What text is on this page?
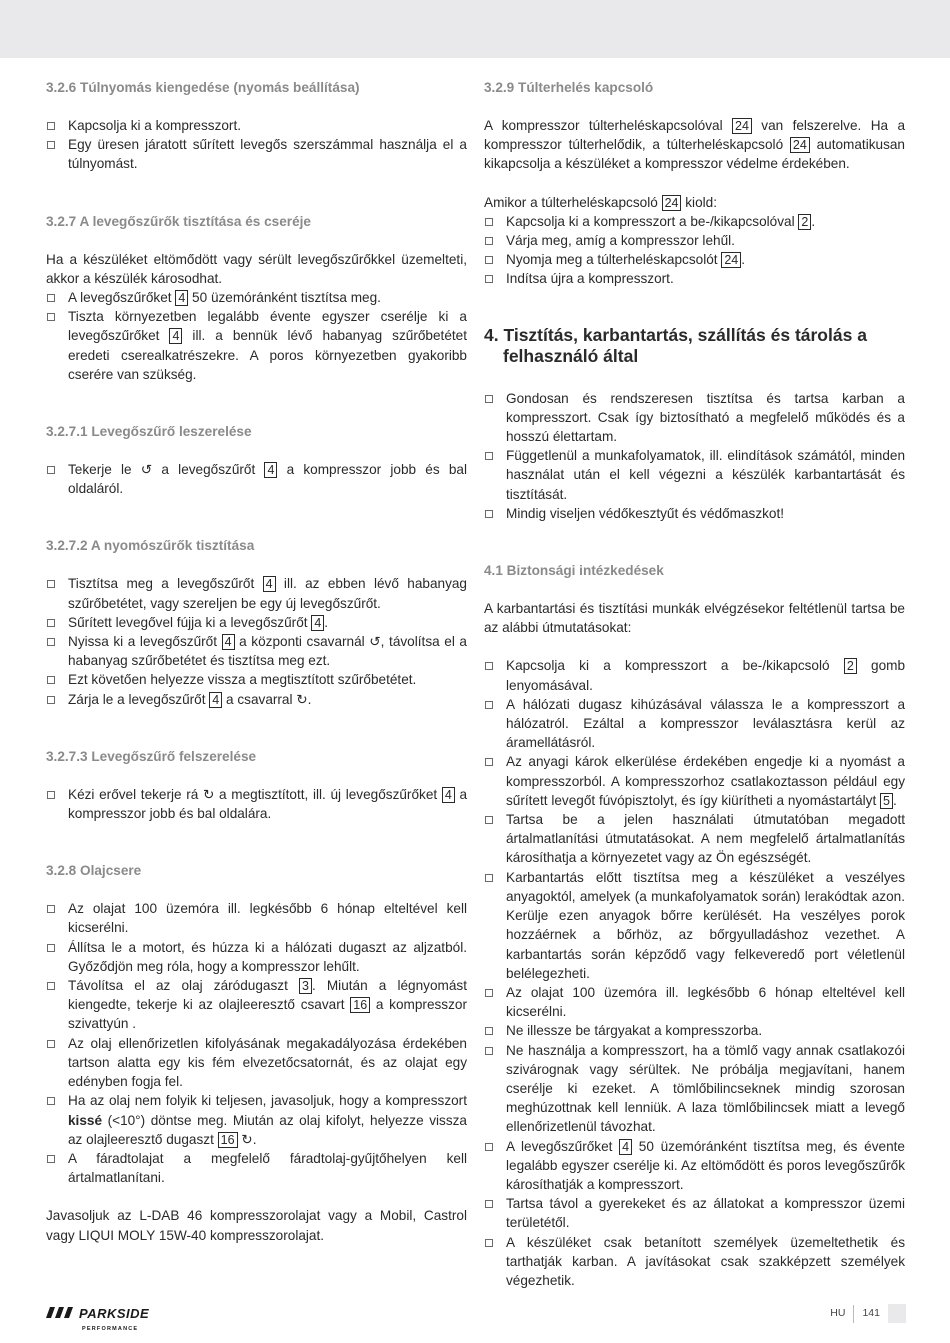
3.2.6 Túlnyomás kiengedése (nyomás beállítása)
Kapcsolja ki a kompresszort.
Egy üresen járatott sűrített levegős szerszámmal használja el a túlnyomást.
3.2.7 A levegőszűrők tisztítása és cseréje

Ha a készüléket eltömődött vagy sérült levegőszűrőkkel üzemelteti, akkor a készülék károsodhat.

A levegőszűrőket 4 50 üzemóránként tisztítsa meg.
Tiszta környezetben legalább évente egyszer cserélje ki a levegőszűrőket 4 ill. a bennük lévő habanyag szűrőbetétet eredeti cserealkatrészekre. A poros környezetben gyakoribb cserére van szükség.
3.2.7.1 Levegőszűrő leszerelése
Tekerje le ↺ a levegőszűrőt 4 a kompresszor jobb és bal oldaláról.
3.2.7.2 A nyomószűrők tisztítása
Tisztítsa meg a levegőszűrőt 4 ill. az ebben lévő habanyag szűrőbetétet, vagy szereljen be egy új levegőszűrőt.
Sűrített levegővel fújja ki a levegőszűrőt 4 .
Nyissa ki a levegőszűrőt 4 a központi csavarnál ↺, távolítsa el a habanyag szűrőbetétet és tisztítsa meg ezt.
Ezt követően helyezze vissza a megtisztított szűrőbetétet.
Zárja le a levegőszűrőt 4 a csavarral ↻.
3.2.7.3 Levegőszűrő felszerelése
Kézi erővel tekerje rá ↻ a megtisztított, ill. új levegőszűrőket 4 a kompresszor jobb és bal oldalára.
3.2.8 Olajcsere
Az olajat 100 üzemóra ill. legkésőbb 6 hónap elteltével kell kicserélni.
Állítsa le a motort, és húzza ki a hálózati dugaszt az aljzatból. Győződjön meg róla, hogy a kompresszor lehűlt.
Távolítsa el az olaj záródugaszt 3 . Miután a légnyomást kiengedte, tekerje ki az olajleeresztő csavart 16 a kompresszor szivattyún .
Az olaj ellenőrizetlen kifolyásának megakadályozása érdekében tartson alatta egy kis fém elvezetőcsatornát, és az olajat egy edényben fogja fel.
Ha az olaj nem folyik ki teljesen, javasoljuk, hogy a kompresszort kissé (<10°) döntse meg. Miután az olaj kifolyt, helyezze vissza az olajleeresztő dugaszt 16 ↻.
A fáradtolajat a megfelelő fáradtolaj-gyűjtőhelyen kell ártalmatlanítani.

Javasoljuk az L-DAB 46 kompresszorolajat vagy a Mobil, Castrol vagy LIQUI MOLY 15W-40 kompresszorolajat.

3.2.9 Túlterhelés kapcsoló

A kompresszor túlterheléskapcsolóval 24 van felszerelve. Ha a kompresszor túlterhelődik, a túlterheléskapcsoló 24 automatikusan kikapcsolja a készüléket a kompresszor védelme érdekében.

Amikor a túlterheléskapcsoló 24 kiold:

Kapcsolja ki a kompresszort a be-/kikapcsolóval 2 .
Várja meg, amíg a kompresszor lehűl.
Nyomja meg a túlterheléskapcsolót 24 .
Indítsa újra a kompresszort.
4. Tisztítás, karbantartás, szállítás és tárolás a felhasználó által
Gondosan és rendszeresen tisztítsa és tartsa karban a kompresszort. Csak így biztosítható a megfelelő működés és a hosszú élettartam.
Függetlenül a munkafolyamatok, ill. elindítások számától, minden használat után el kell végezni a készülék karbantartását és tisztítását.
Mindig viseljen védőkesztyűt és védőmaszkot!
4.1 Biztonsági intézkedések

A karbantartási és tisztítási munkák elvégzésekor feltétlenül tartsa be az alábbi útmutatásokat:

Kapcsolja ki a kompresszort a be-/kikapcsoló 2 gomb lenyomásával.
A hálózati dugasz kihúzásával válassza le a kompresszort a hálózatról. Ezáltal a kompresszor leválasztásra kerül az áramellátásról.
Az anyagi károk elkerülése érdekében engedje ki a nyomást a kompresszorból. A kompresszorhoz csatlakoztasson például egy sűrített levegőt fúvópisztolyt, és így kiürítheti a nyomástartályt 5 .
Tartsa be a jelen használati útmutatóban megadott ártalmatlanítási útmutatásokat. A nem megfelelő ártalmatlanítás károsíthatja a környezetet vagy az Ön egészségét.
Karbantartás előtt tisztítsa meg a készüléket a veszélyes anyagoktól, amelyek (a munkafolyamatok során) lerakódtak azon. Kerülje ezen anyagok bőrre kerülését. Ha veszélyes porok hozzáérnek a bőrhöz, az bőrgyulladáshoz vezethet. A karbantartás során képződő vagy felkeveredő port véletlenül belélegezheti.
Az olajat 100 üzemóra ill. legkésőbb 6 hónap elteltével kell kicserélni.
Ne illessze be tárgyakat a kompresszorba.
Ne használja a kompresszort, ha a tömlő vagy annak csatlakozói szivárognak vagy sérültek. Ne próbálja megjavítani, hanem cserélje ki ezeket. A tömlőbilincseknek mindig szorosan meghúzottnak kell lenniük. A laza tömlőbilincsek miatt a levegő ellenőrizetlenül távozhat.
A levegőszűrőket 4 50 üzemóránként tisztítsa meg, és évente legalább egyszer cserélje ki. Az eltömődött és poros levegőszűrők károsíthatják a kompresszort.
Tartsa távol a gyerekeket és az állatokat a kompresszor üzemi területétől.
A készüléket csak betanított személyek üzemeltethetik és tarthatják karban. A javításokat csak szakképzett személyek végezhetik.
PARKSIDE
PERFORMANCE
HU	141
